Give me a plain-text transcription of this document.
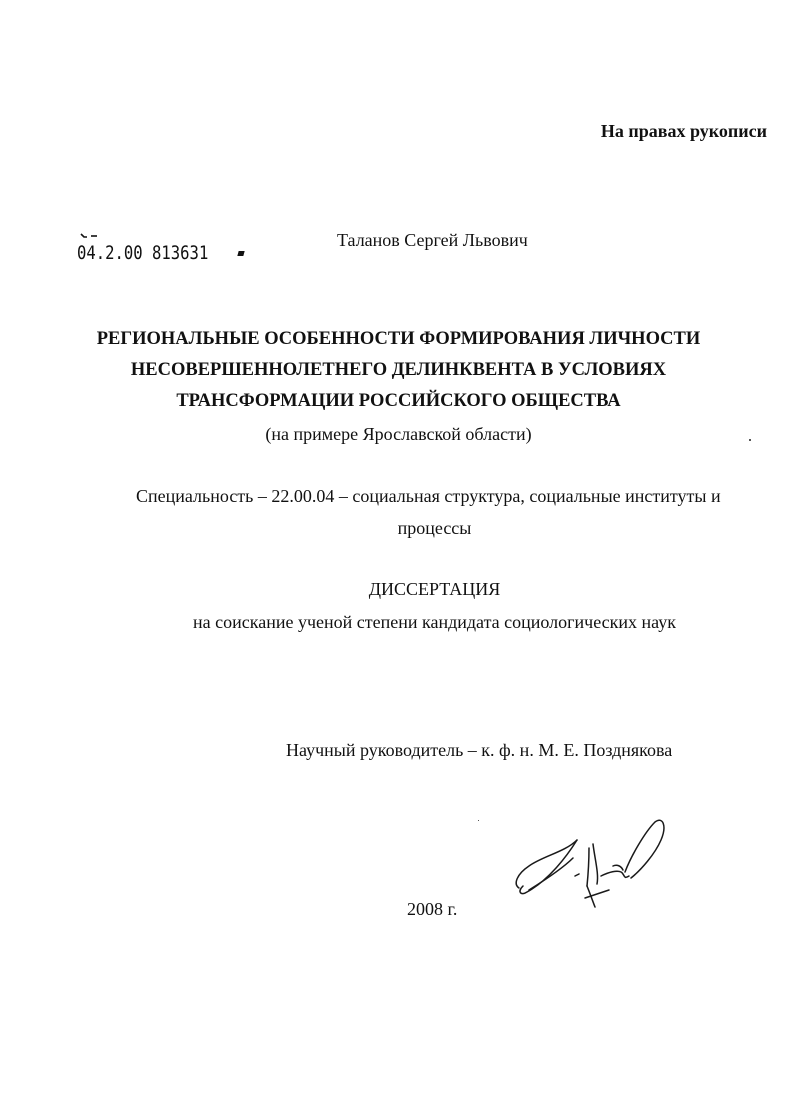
На правах рукописи
04.2.00 813631
Таланов Сергей Львович
РЕГИОНАЛЬНЫЕ ОСОБЕННОСТИ ФОРМИРОВАНИЯ ЛИЧНОСТИ
НЕСОВЕРШЕННОЛЕТНЕГО ДЕЛИНКВЕНТА В УСЛОВИЯХ
ТРАНСФОРМАЦИИ РОССИЙСКОГО ОБЩЕСТВА
(на примере Ярославской области)
Специальность – 22.00.04 – социальная структура, социальные институты и
процессы
ДИССЕРТАЦИЯ
на соискание ученой степени кандидата социологических наук
Научный руководитель – к. ф. н. М. Е. Позднякова
2008 г.
